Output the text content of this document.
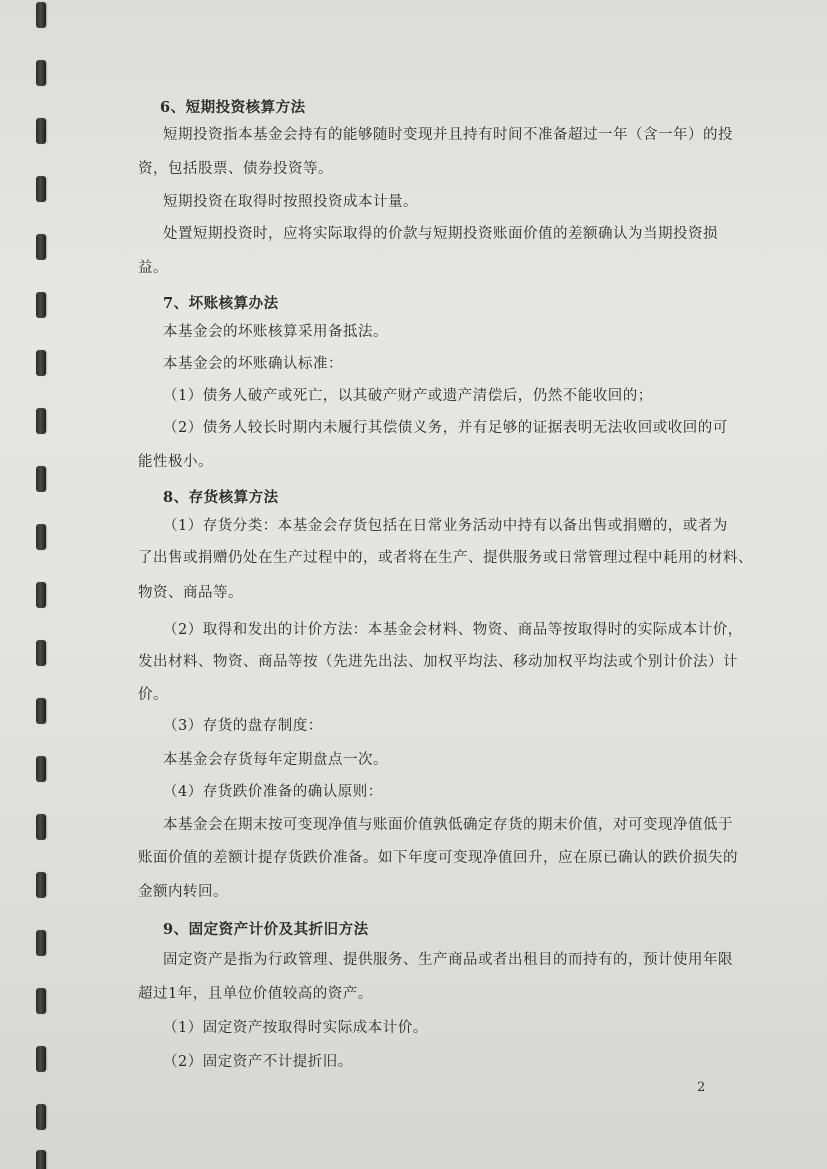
6、短期投资核算方法
短期投资指本基金会持有的能够随时变现并且持有时间不准备超过一年（含一年）的投
资，包括股票、债券投资等。
短期投资在取得时按照投资成本计量。
处置短期投资时，应将实际取得的价款与短期投资账面价值的差额确认为当期投资损
益。
7、坏账核算办法
本基金会的坏账核算采用备抵法。
本基金会的坏账确认标准：
（1）债务人破产或死亡，以其破产财产或遗产清偿后，仍然不能收回的；
（2）债务人较长时期内未履行其偿债义务，并有足够的证据表明无法收回或收回的可
能性极小。
8、存货核算方法
（1）存货分类：本基金会存货包括在日常业务活动中持有以备出售或捐赠的，或者为
了出售或捐赠仍处在生产过程中的，或者将在生产、提供服务或日常管理过程中耗用的材料、
物资、商品等。
（2）取得和发出的计价方法：本基金会材料、物资、商品等按取得时的实际成本计价，
发出材料、物资、商品等按（先进先出法、加权平均法、移动加权平均法或个别计价法）计
价。
（3）存货的盘存制度：
本基金会存货每年定期盘点一次。
（4）存货跌价准备的确认原则：
本基金会在期末按可变现净值与账面价值孰低确定存货的期末价值，对可变现净值低于
账面价值的差额计提存货跌价准备。如下年度可变现净值回升，应在原已确认的跌价损失的
金额内转回。
9、固定资产计价及其折旧方法
固定资产是指为行政管理、提供服务、生产商品或者出租目的而持有的，预计使用年限
超过1年，且单位价值较高的资产。
（1）固定资产按取得时实际成本计价。
（2）固定资产不计提折旧。
2
